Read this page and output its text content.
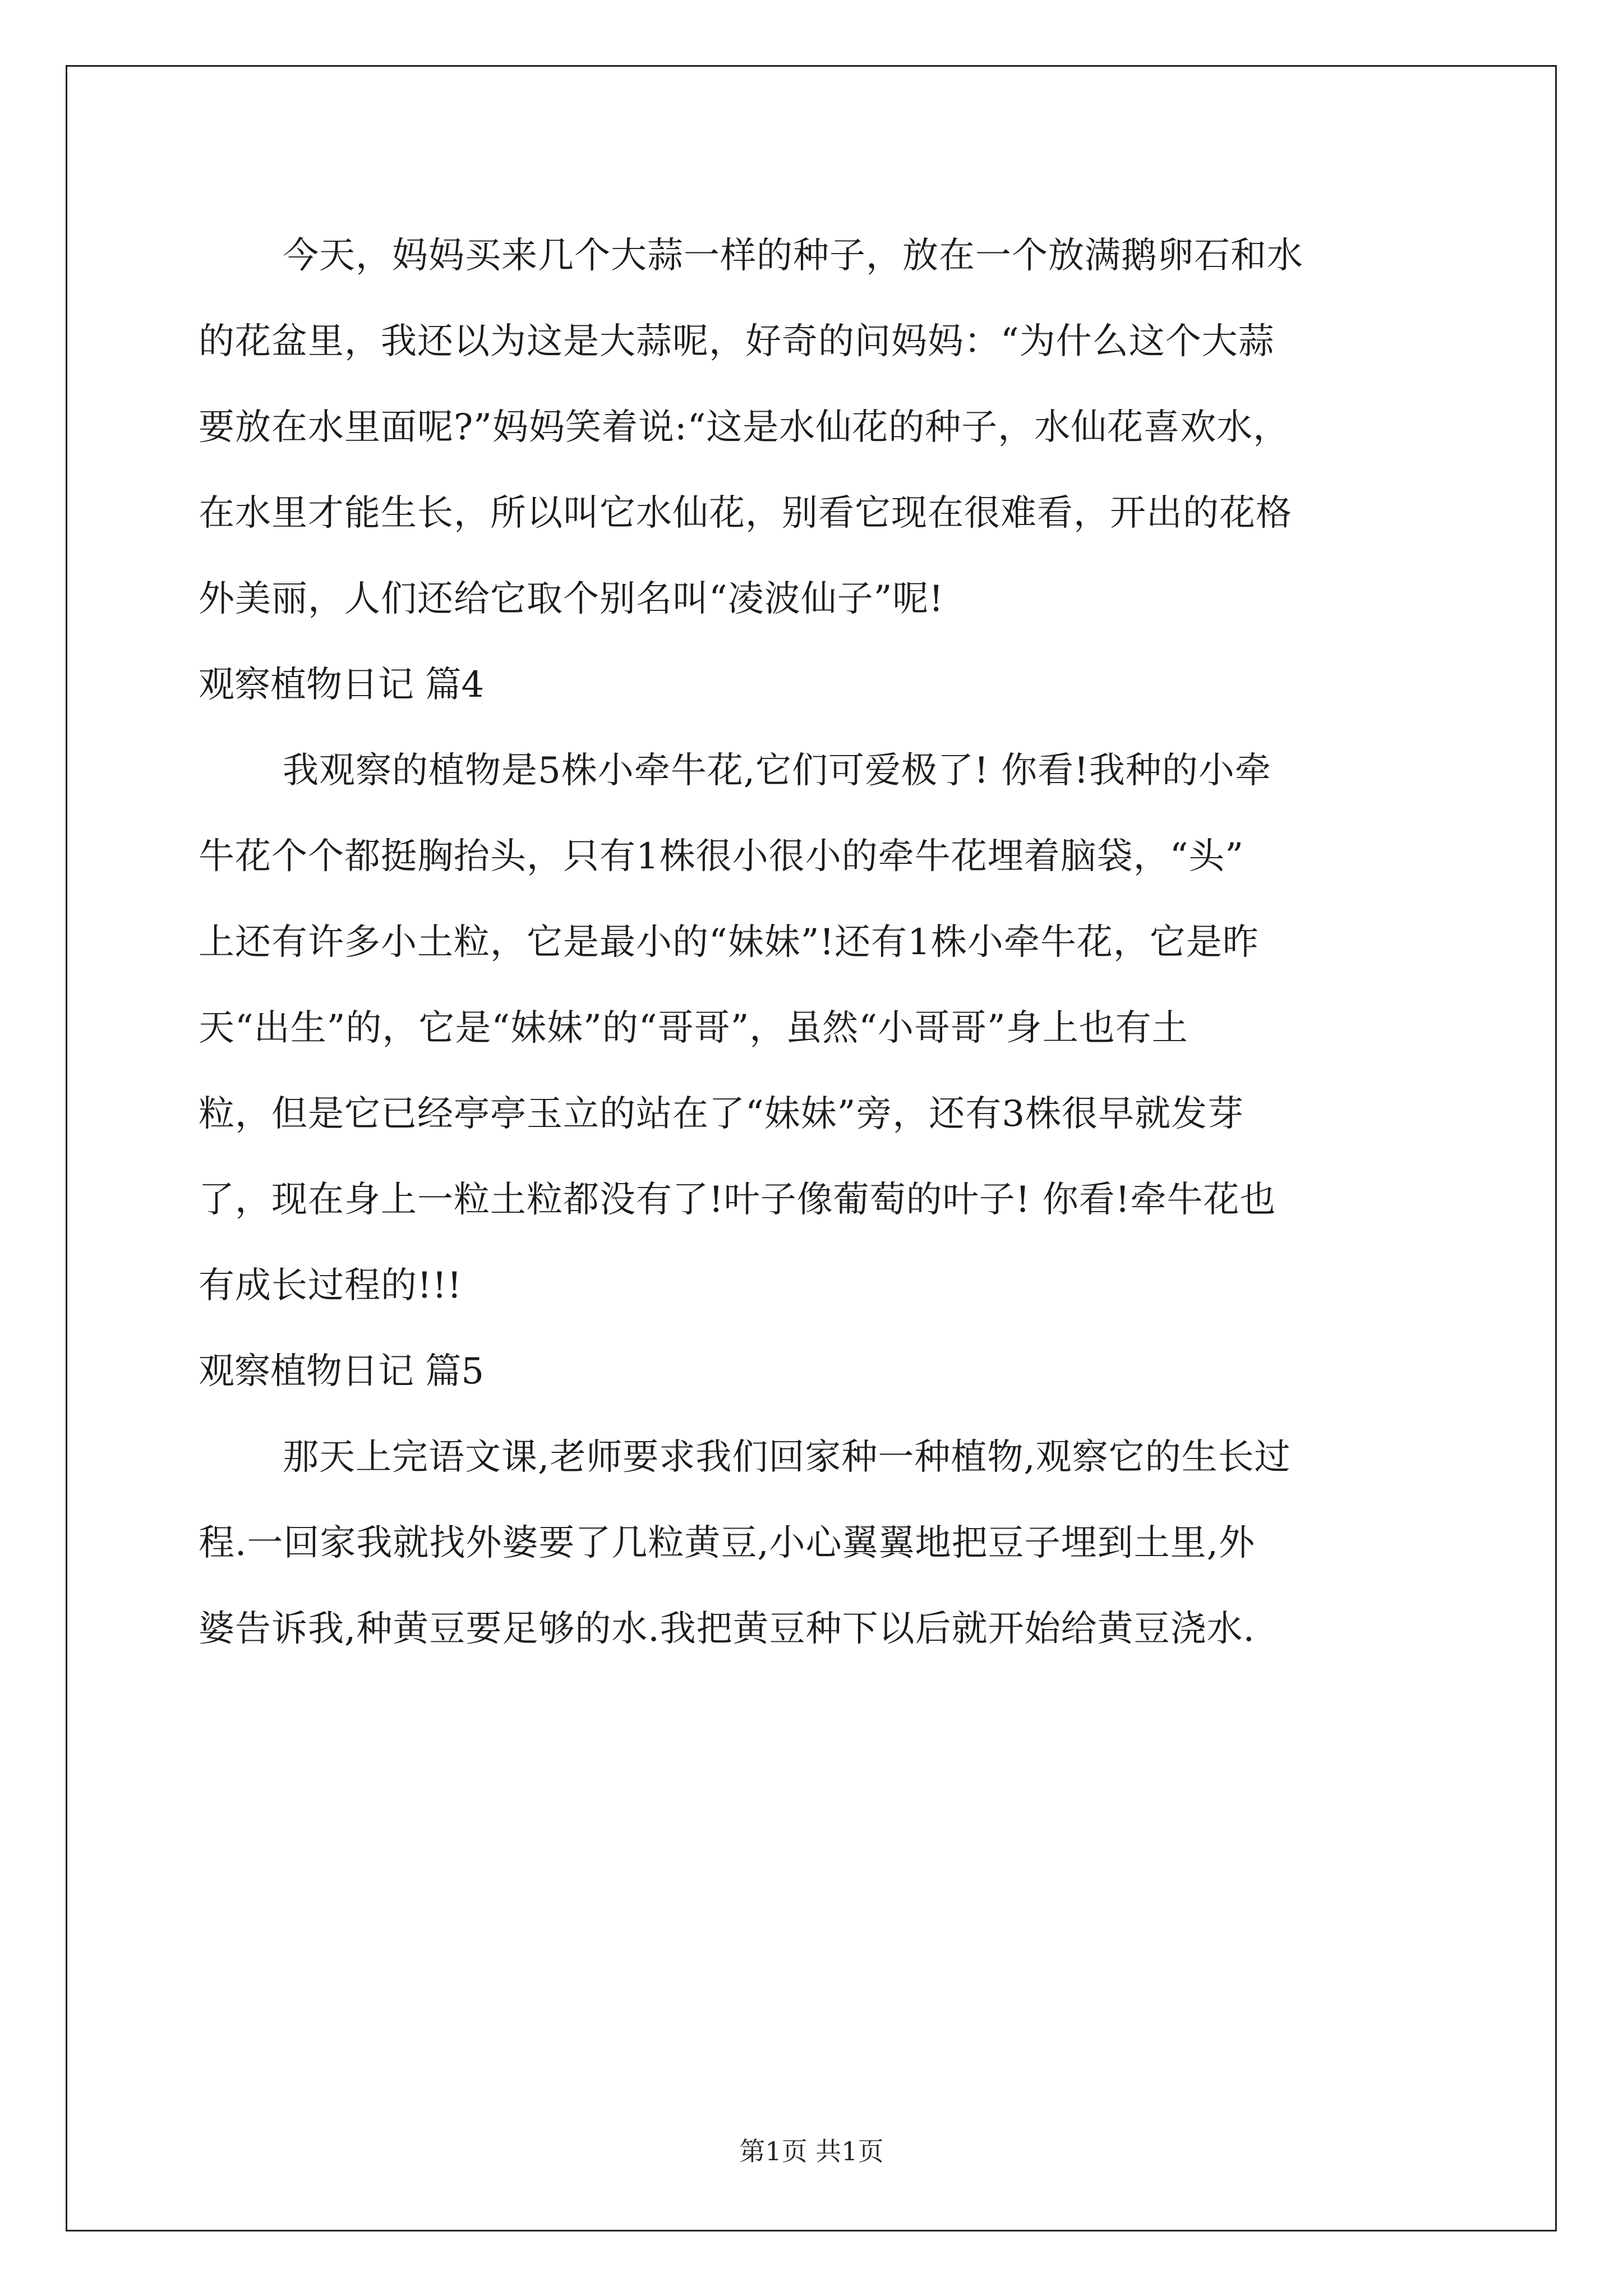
今天，妈妈买来几个大蒜一样的种子，放在一个放满鹅卵石和水
的花盆里，我还以为这是大蒜呢，好奇的问妈妈：“为什么这个大蒜
要放在水里面呢?”妈妈笑着说:“这是水仙花的种子，水仙花喜欢水，
在水里才能生长，所以叫它水仙花，别看它现在很难看，开出的花格
外美丽，人们还给它取个别名叫“凌波仙子”呢!
观察植物日记 篇4
我观察的植物是5株小牵牛花,它们可爱极了! 你看!我种的小牵
牛花个个都挺胸抬头，只有1株很小很小的牵牛花埋着脑袋，“头”
上还有许多小土粒，它是最小的“妹妹”!还有1株小牵牛花，它是昨
天“出生”的，它是“妹妹”的“哥哥”，虽然“小哥哥”身上也有土
粒，但是它已经亭亭玉立的站在了“妹妹”旁，还有3株很早就发芽
了，现在身上一粒土粒都没有了!叶子像葡萄的叶子! 你看!牵牛花也
有成长过程的!!!
观察植物日记 篇5
那天上完语文课,老师要求我们回家种一种植物,观察它的生长过
程.一回家我就找外婆要了几粒黄豆,小心翼翼地把豆子埋到土里,外
婆告诉我,种黄豆要足够的水.我把黄豆种下以后就开始给黄豆浇水.
第1页 共1页
